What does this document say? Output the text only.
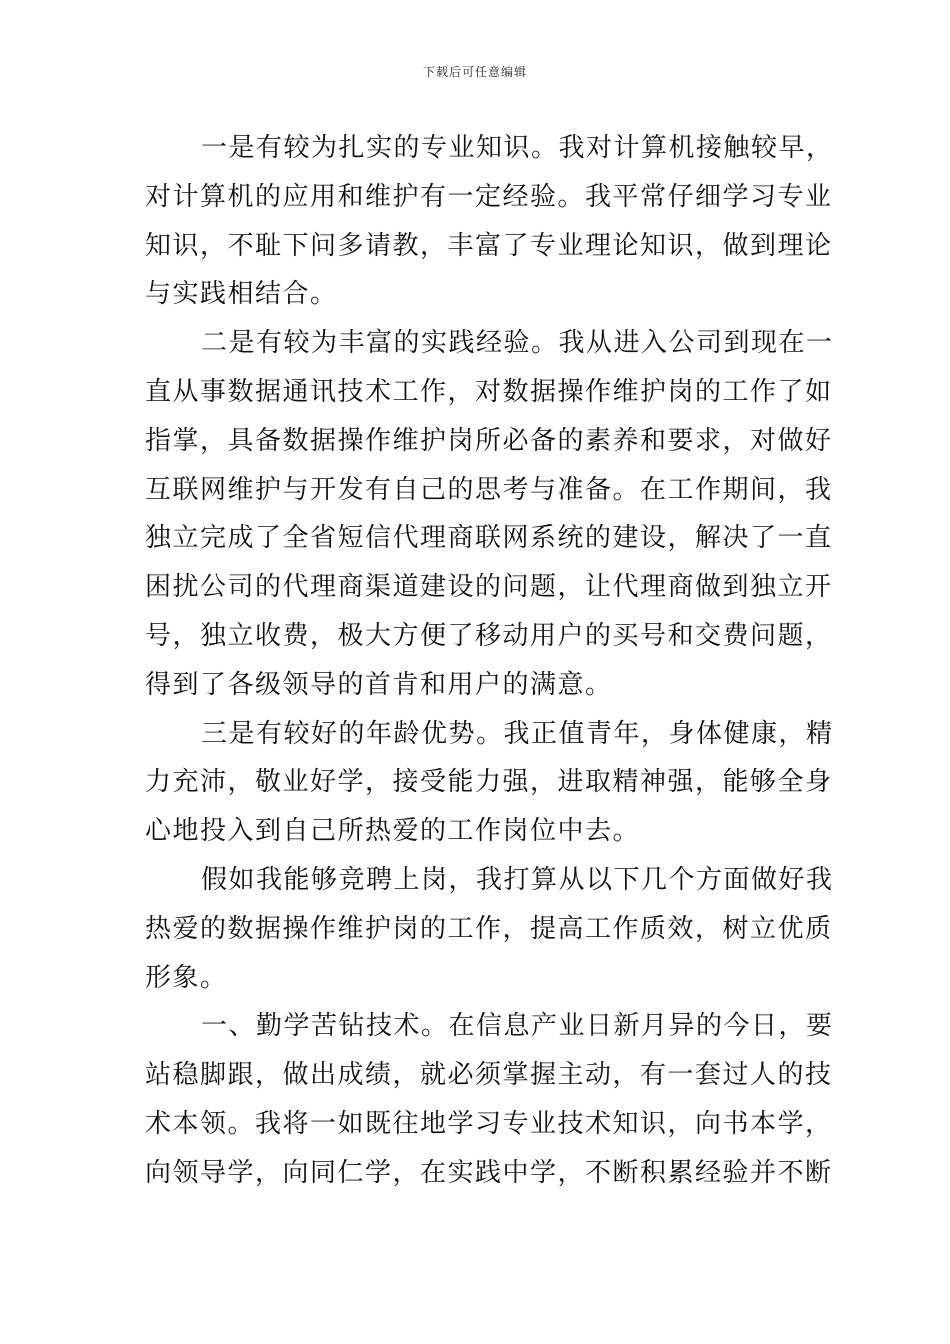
下载后可任意编辑

一是有较为扎实的专业知识。我对计算机接触较早，
对计算机的应用和维护有一定经验。我平常仔细学习专业
知识，不耻下问多请教，丰富了专业理论知识，做到理论
与实践相结合。

二是有较为丰富的实践经验。我从进入公司到现在一
直从事数据通讯技术工作，对数据操作维护岗的工作了如
指掌，具备数据操作维护岗所必备的素养和要求，对做好
互联网维护与开发有自己的思考与准备。在工作期间，我
独立完成了全省短信代理商联网系统的建设，解决了一直
困扰公司的代理商渠道建设的问题，让代理商做到独立开
号，独立收费，极大方便了移动用户的买号和交费问题，
得到了各级领导的首肯和用户的满意。

三是有较好的年龄优势。我正值青年，身体健康，精
力充沛，敬业好学，接受能力强，进取精神强，能够全身
心地投入到自己所热爱的工作岗位中去。

假如我能够竞聘上岗，我打算从以下几个方面做好我
热爱的数据操作维护岗的工作，提高工作质效，树立优质
形象。

一、勤学苦钻技术。在信息产业日新月异的今日，要
站稳脚跟，做出成绩，就必须掌握主动，有一套过人的技
术本领。我将一如既往地学习专业技术知识，向书本学，
向领导学，向同仁学，在实践中学，不断积累经验并不断
